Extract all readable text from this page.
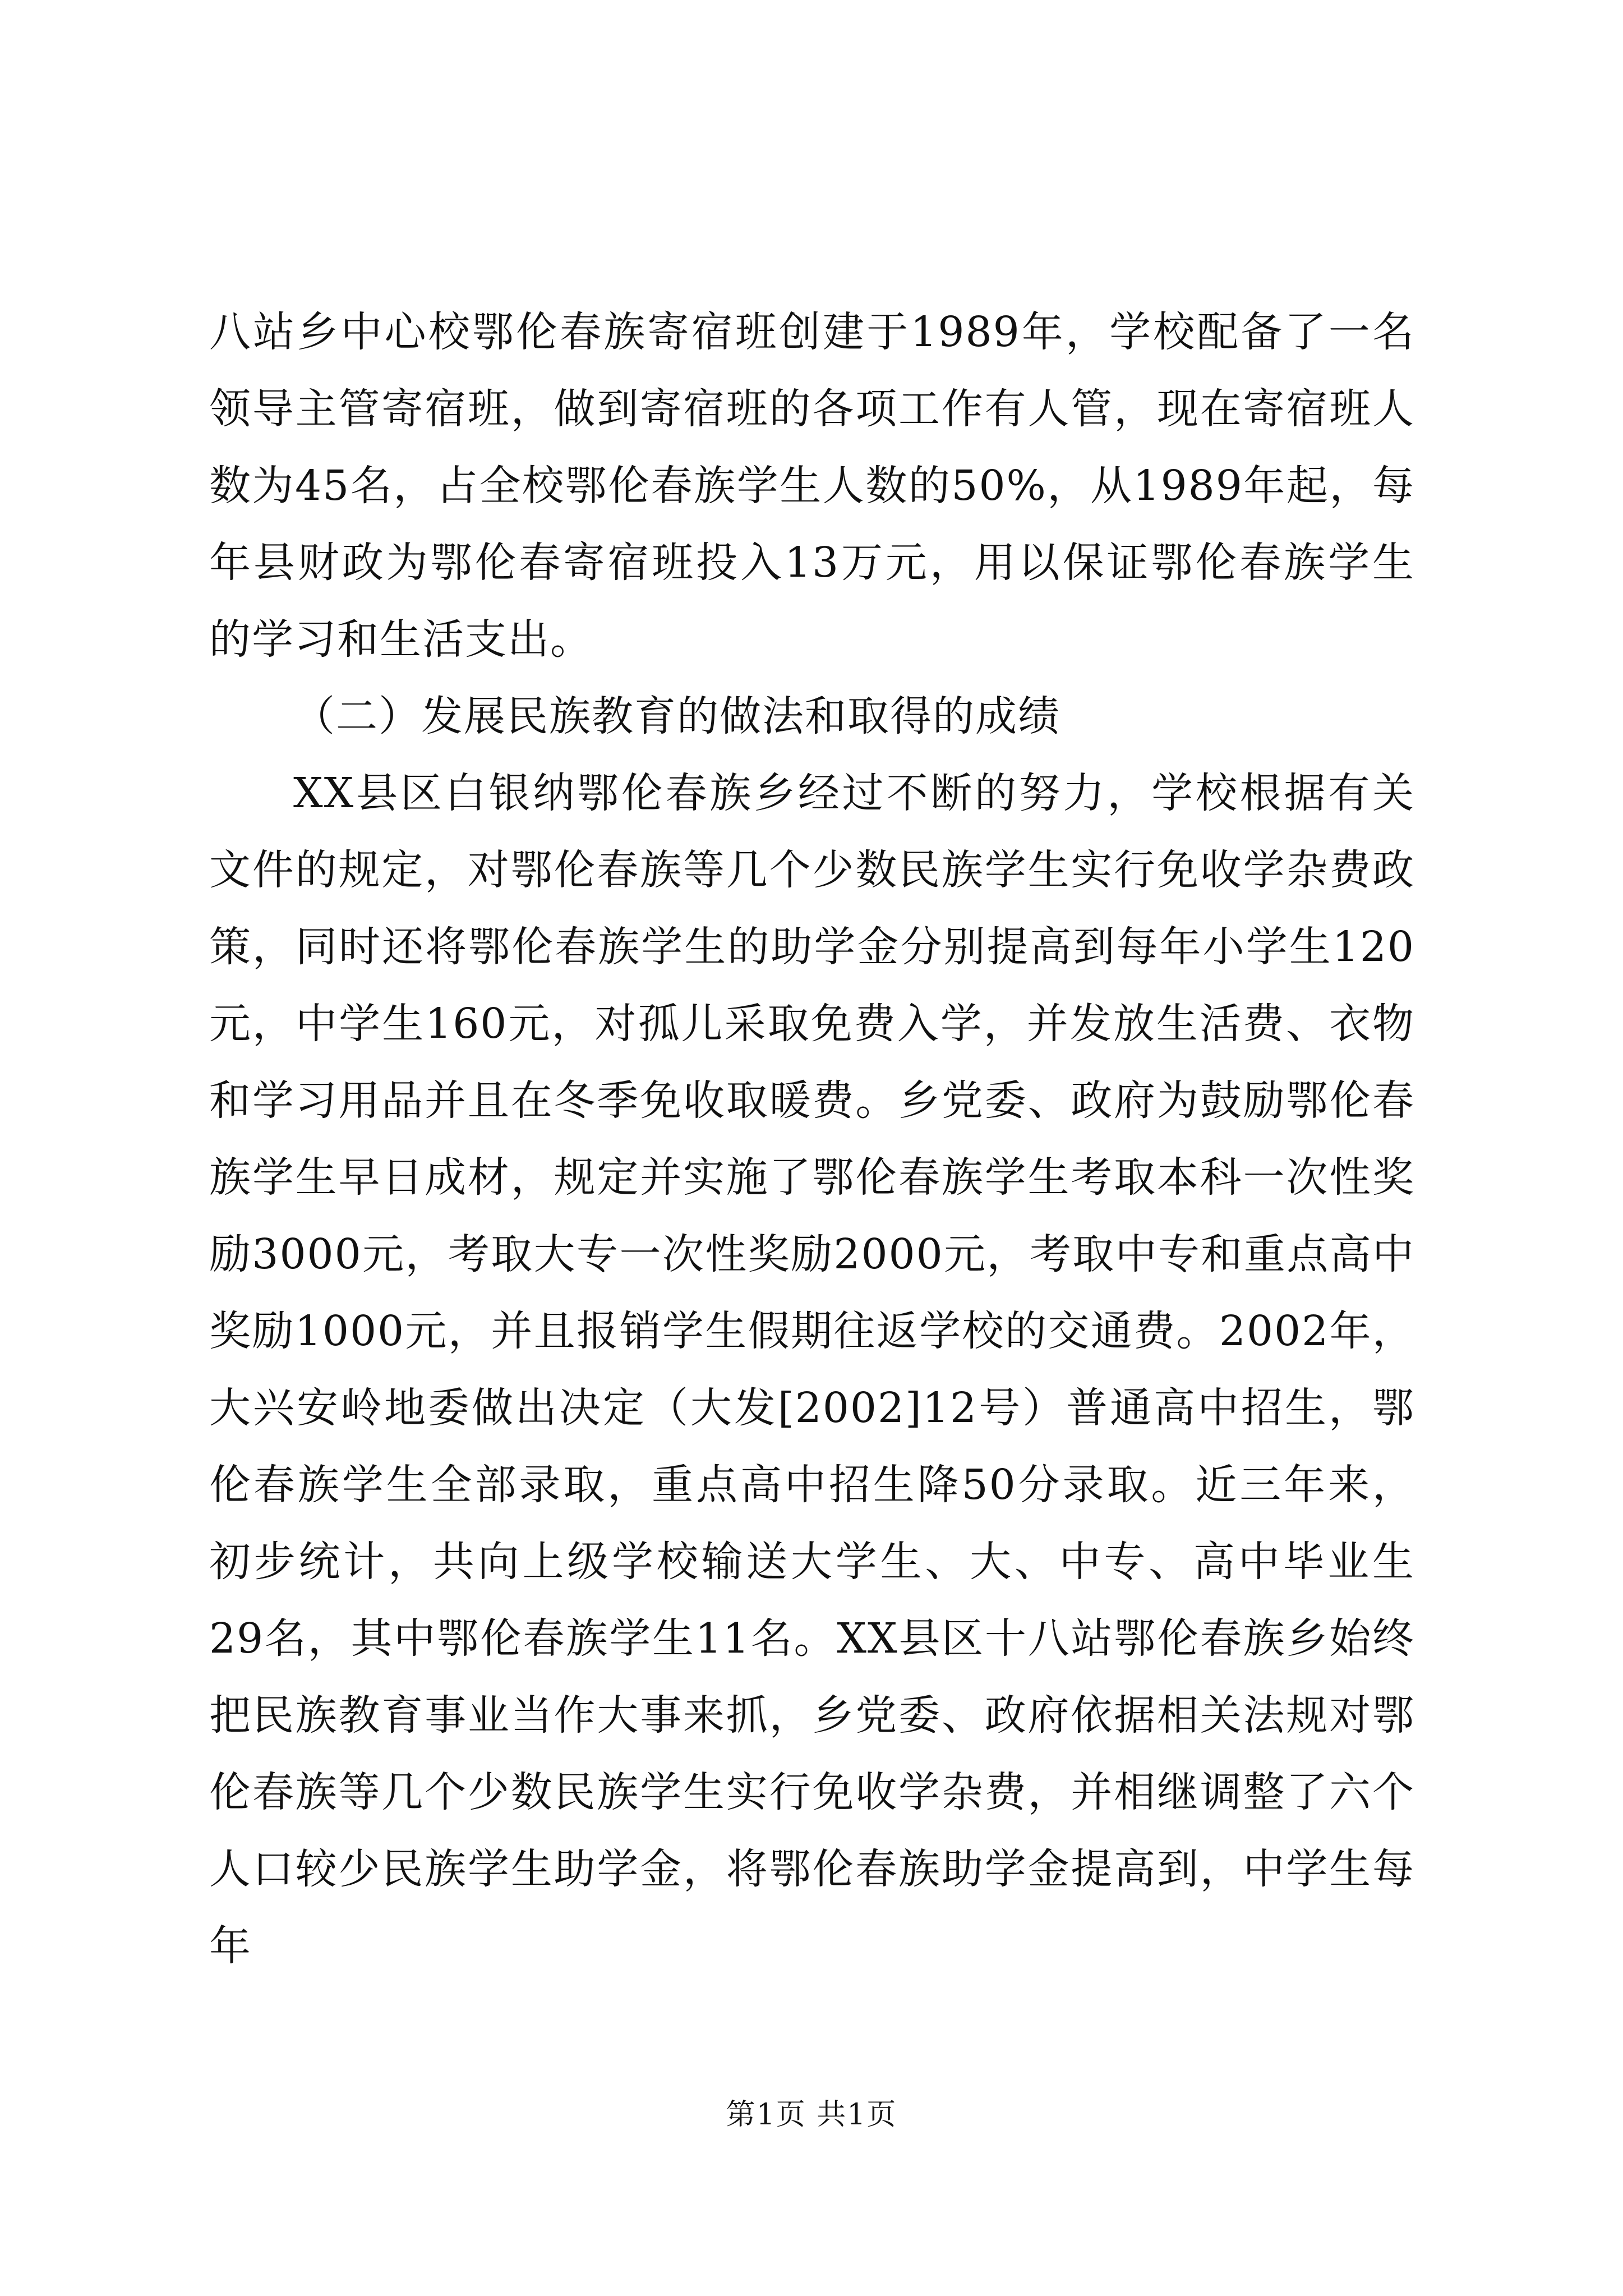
八站乡中心校鄂伦春族寄宿班创建于1989年，学校配备了一名领导主管寄宿班，做到寄宿班的各项工作有人管，现在寄宿班人数为45名，占全校鄂伦春族学生人数的50%，从1989年起，每年县财政为鄂伦春寄宿班投入13万元，用以保证鄂伦春族学生的学习和生活支出。

（二）发展民族教育的做法和取得的成绩

XX县区白银纳鄂伦春族乡经过不断的努力，学校根据有关文件的规定，对鄂伦春族等几个少数民族学生实行免收学杂费政策，同时还将鄂伦春族学生的助学金分别提高到每年小学生120元，中学生160元，对孤儿采取免费入学，并发放生活费、衣物和学习用品并且在冬季免收取暖费。乡党委、政府为鼓励鄂伦春族学生早日成材，规定并实施了鄂伦春族学生考取本科一次性奖励3000元，考取大专一次性奖励2000元，考取中专和重点高中奖励1000元，并且报销学生假期往返学校的交通费。2002年，大兴安岭地委做出决定（大发[2002]12号）普通高中招生，鄂伦春族学生全部录取，重点高中招生降50分录取。近三年来，初步统计，共向上级学校输送大学生、大、中专、高中毕业生29名，其中鄂伦春族学生11名。XX县区十八站鄂伦春族乡始终把民族教育事业当作大事来抓，乡党委、政府依据相关法规对鄂伦春族等几个少数民族学生实行免收学杂费，并相继调整了六个人口较少民族学生助学金，将鄂伦春族助学金提高到，中学生每年

第1页 共1页
